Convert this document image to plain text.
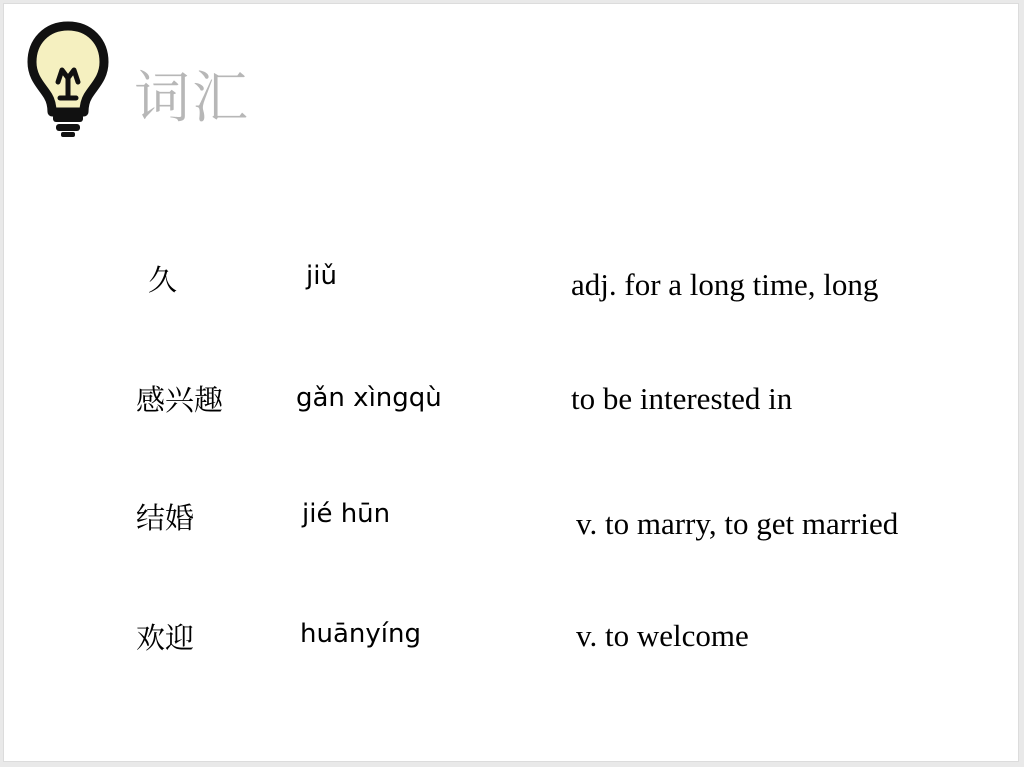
词汇
久	jiǔ	adj. for a long time, long
感兴趣	gǎn xìngqù	to be interested in
结婚	jié hūn	v. to marry, to get married
欢迎	huānyíng	v. to welcome
